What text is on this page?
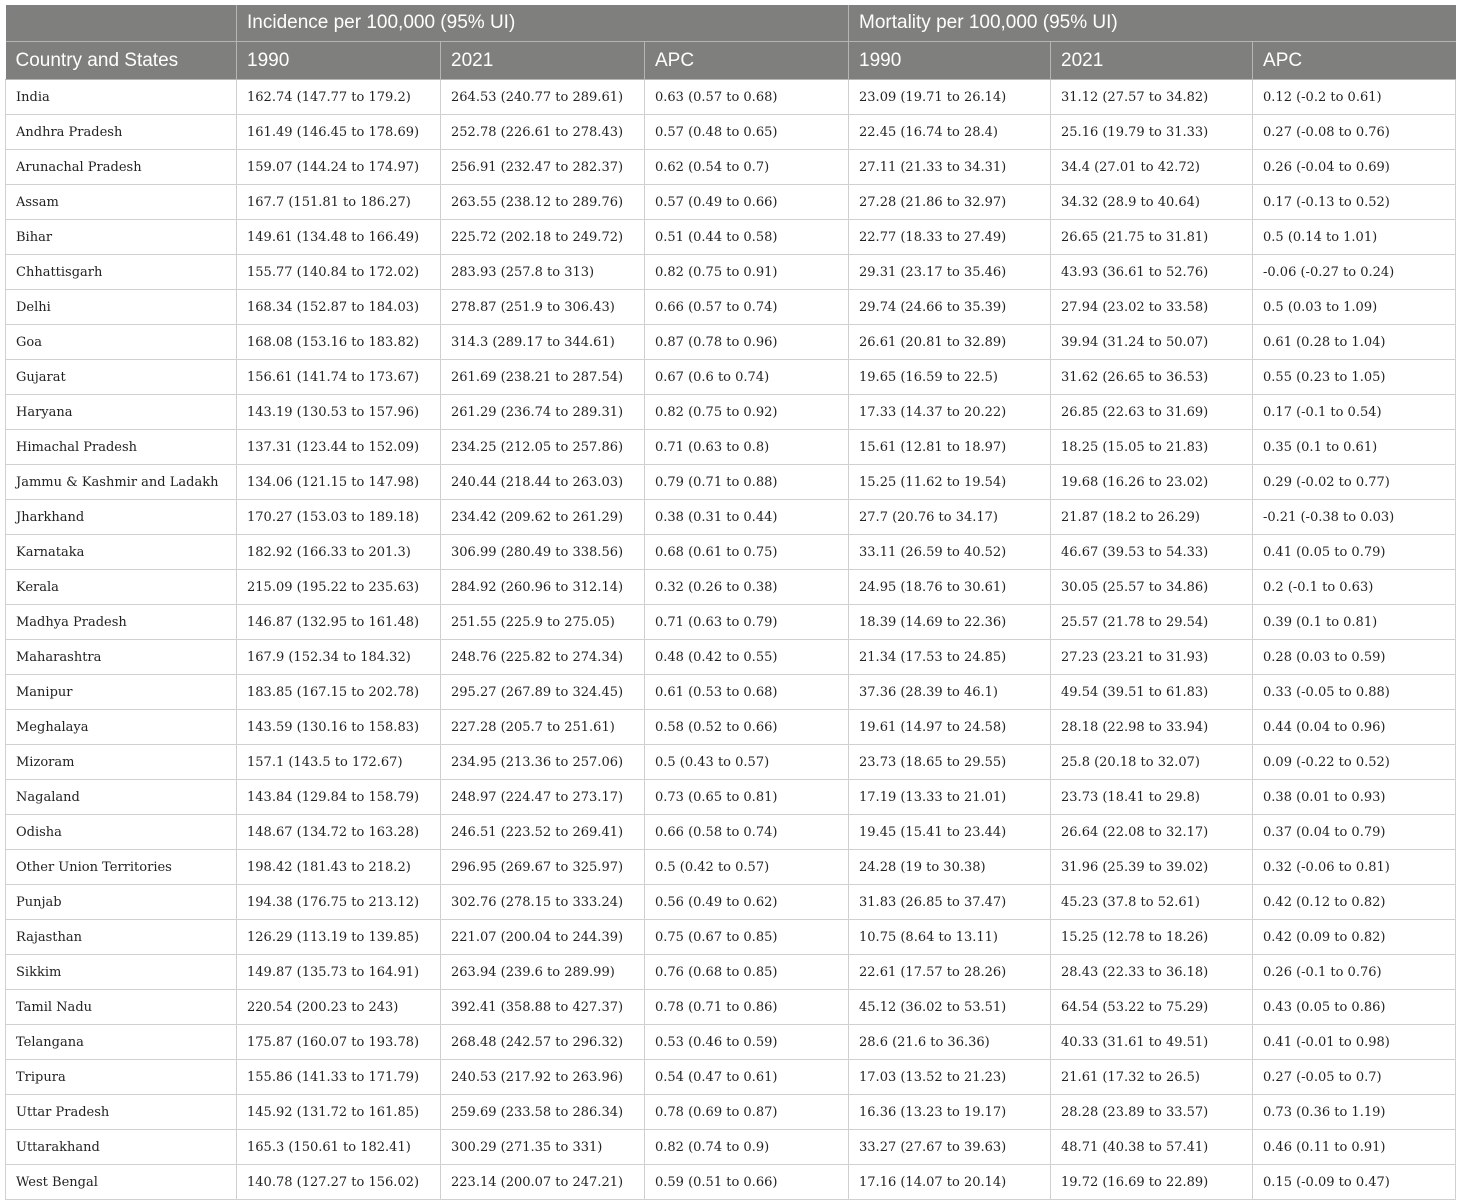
	Incidence per 100,000 (95% UI)			Mortality per 100,000 (95% UI)		
Country and States	1990	2021	APC	1990	2021	APC
India	162.74 (147.77 to 179.2)	264.53 (240.77 to 289.61)	0.63 (0.57 to 0.68)	23.09 (19.71 to 26.14)	31.12 (27.57 to 34.82)	0.12 (-0.2 to 0.61)
Andhra Pradesh	161.49 (146.45 to 178.69)	252.78 (226.61 to 278.43)	0.57 (0.48 to 0.65)	22.45 (16.74 to 28.4)	25.16 (19.79 to 31.33)	0.27 (-0.08 to 0.76)
Arunachal Pradesh	159.07 (144.24 to 174.97)	256.91 (232.47 to 282.37)	0.62 (0.54 to 0.7)	27.11 (21.33 to 34.31)	34.4 (27.01 to 42.72)	0.26 (-0.04 to 0.69)
Assam	167.7 (151.81 to 186.27)	263.55 (238.12 to 289.76)	0.57 (0.49 to 0.66)	27.28 (21.86 to 32.97)	34.32 (28.9 to 40.64)	0.17 (-0.13 to 0.52)
Bihar	149.61 (134.48 to 166.49)	225.72 (202.18 to 249.72)	0.51 (0.44 to 0.58)	22.77 (18.33 to 27.49)	26.65 (21.75 to 31.81)	0.5 (0.14 to 1.01)
Chhattisgarh	155.77 (140.84 to 172.02)	283.93 (257.8 to 313)	0.82 (0.75 to 0.91)	29.31 (23.17 to 35.46)	43.93 (36.61 to 52.76)	-0.06 (-0.27 to 0.24)
Delhi	168.34 (152.87 to 184.03)	278.87 (251.9 to 306.43)	0.66 (0.57 to 0.74)	29.74 (24.66 to 35.39)	27.94 (23.02 to 33.58)	0.5 (0.03 to 1.09)
Goa	168.08 (153.16 to 183.82)	314.3 (289.17 to 344.61)	0.87 (0.78 to 0.96)	26.61 (20.81 to 32.89)	39.94 (31.24 to 50.07)	0.61 (0.28 to 1.04)
Gujarat	156.61 (141.74 to 173.67)	261.69 (238.21 to 287.54)	0.67 (0.6 to 0.74)	19.65 (16.59 to 22.5)	31.62 (26.65 to 36.53)	0.55 (0.23 to 1.05)
Haryana	143.19 (130.53 to 157.96)	261.29 (236.74 to 289.31)	0.82 (0.75 to 0.92)	17.33 (14.37 to 20.22)	26.85 (22.63 to 31.69)	0.17 (-0.1 to 0.54)
Himachal Pradesh	137.31 (123.44 to 152.09)	234.25 (212.05 to 257.86)	0.71 (0.63 to 0.8)	15.61 (12.81 to 18.97)	18.25 (15.05 to 21.83)	0.35 (0.1 to 0.61)
Jammu & Kashmir and Ladakh	134.06 (121.15 to 147.98)	240.44 (218.44 to 263.03)	0.79 (0.71 to 0.88)	15.25 (11.62 to 19.54)	19.68 (16.26 to 23.02)	0.29 (-0.02 to 0.77)
Jharkhand	170.27 (153.03 to 189.18)	234.42 (209.62 to 261.29)	0.38 (0.31 to 0.44)	27.7 (20.76 to 34.17)	21.87 (18.2 to 26.29)	-0.21 (-0.38 to 0.03)
Karnataka	182.92 (166.33 to 201.3)	306.99 (280.49 to 338.56)	0.68 (0.61 to 0.75)	33.11 (26.59 to 40.52)	46.67 (39.53 to 54.33)	0.41 (0.05 to 0.79)
Kerala	215.09 (195.22 to 235.63)	284.92 (260.96 to 312.14)	0.32 (0.26 to 0.38)	24.95 (18.76 to 30.61)	30.05 (25.57 to 34.86)	0.2 (-0.1 to 0.63)
Madhya Pradesh	146.87 (132.95 to 161.48)	251.55 (225.9 to 275.05)	0.71 (0.63 to 0.79)	18.39 (14.69 to 22.36)	25.57 (21.78 to 29.54)	0.39 (0.1 to 0.81)
Maharashtra	167.9 (152.34 to 184.32)	248.76 (225.82 to 274.34)	0.48 (0.42 to 0.55)	21.34 (17.53 to 24.85)	27.23 (23.21 to 31.93)	0.28 (0.03 to 0.59)
Manipur	183.85 (167.15 to 202.78)	295.27 (267.89 to 324.45)	0.61 (0.53 to 0.68)	37.36 (28.39 to 46.1)	49.54 (39.51 to 61.83)	0.33 (-0.05 to 0.88)
Meghalaya	143.59 (130.16 to 158.83)	227.28 (205.7 to 251.61)	0.58 (0.52 to 0.66)	19.61 (14.97 to 24.58)	28.18 (22.98 to 33.94)	0.44 (0.04 to 0.96)
Mizoram	157.1 (143.5 to 172.67)	234.95 (213.36 to 257.06)	0.5 (0.43 to 0.57)	23.73 (18.65 to 29.55)	25.8 (20.18 to 32.07)	0.09 (-0.22 to 0.52)
Nagaland	143.84 (129.84 to 158.79)	248.97 (224.47 to 273.17)	0.73 (0.65 to 0.81)	17.19 (13.33 to 21.01)	23.73 (18.41 to 29.8)	0.38 (0.01 to 0.93)
Odisha	148.67 (134.72 to 163.28)	246.51 (223.52 to 269.41)	0.66 (0.58 to 0.74)	19.45 (15.41 to 23.44)	26.64 (22.08 to 32.17)	0.37 (0.04 to 0.79)
Other Union Territories	198.42 (181.43 to 218.2)	296.95 (269.67 to 325.97)	0.5 (0.42 to 0.57)	24.28 (19 to 30.38)	31.96 (25.39 to 39.02)	0.32 (-0.06 to 0.81)
Punjab	194.38 (176.75 to 213.12)	302.76 (278.15 to 333.24)	0.56 (0.49 to 0.62)	31.83 (26.85 to 37.47)	45.23 (37.8 to 52.61)	0.42 (0.12 to 0.82)
Rajasthan	126.29 (113.19 to 139.85)	221.07 (200.04 to 244.39)	0.75 (0.67 to 0.85)	10.75 (8.64 to 13.11)	15.25 (12.78 to 18.26)	0.42 (0.09 to 0.82)
Sikkim	149.87 (135.73 to 164.91)	263.94 (239.6 to 289.99)	0.76 (0.68 to 0.85)	22.61 (17.57 to 28.26)	28.43 (22.33 to 36.18)	0.26 (-0.1 to 0.76)
Tamil Nadu	220.54 (200.23 to 243)	392.41 (358.88 to 427.37)	0.78 (0.71 to 0.86)	45.12 (36.02 to 53.51)	64.54 (53.22 to 75.29)	0.43 (0.05 to 0.86)
Telangana	175.87 (160.07 to 193.78)	268.48 (242.57 to 296.32)	0.53 (0.46 to 0.59)	28.6 (21.6 to 36.36)	40.33 (31.61 to 49.51)	0.41 (-0.01 to 0.98)
Tripura	155.86 (141.33 to 171.79)	240.53 (217.92 to 263.96)	0.54 (0.47 to 0.61)	17.03 (13.52 to 21.23)	21.61 (17.32 to 26.5)	0.27 (-0.05 to 0.7)
Uttar Pradesh	145.92 (131.72 to 161.85)	259.69 (233.58 to 286.34)	0.78 (0.69 to 0.87)	16.36 (13.23 to 19.17)	28.28 (23.89 to 33.57)	0.73 (0.36 to 1.19)
Uttarakhand	165.3 (150.61 to 182.41)	300.29 (271.35 to 331)	0.82 (0.74 to 0.9)	33.27 (27.67 to 39.63)	48.71 (40.38 to 57.41)	0.46 (0.11 to 0.91)
West Bengal	140.78 (127.27 to 156.02)	223.14 (200.07 to 247.21)	0.59 (0.51 to 0.66)	17.16 (14.07 to 20.14)	19.72 (16.69 to 22.89)	0.15 (-0.09 to 0.47)
